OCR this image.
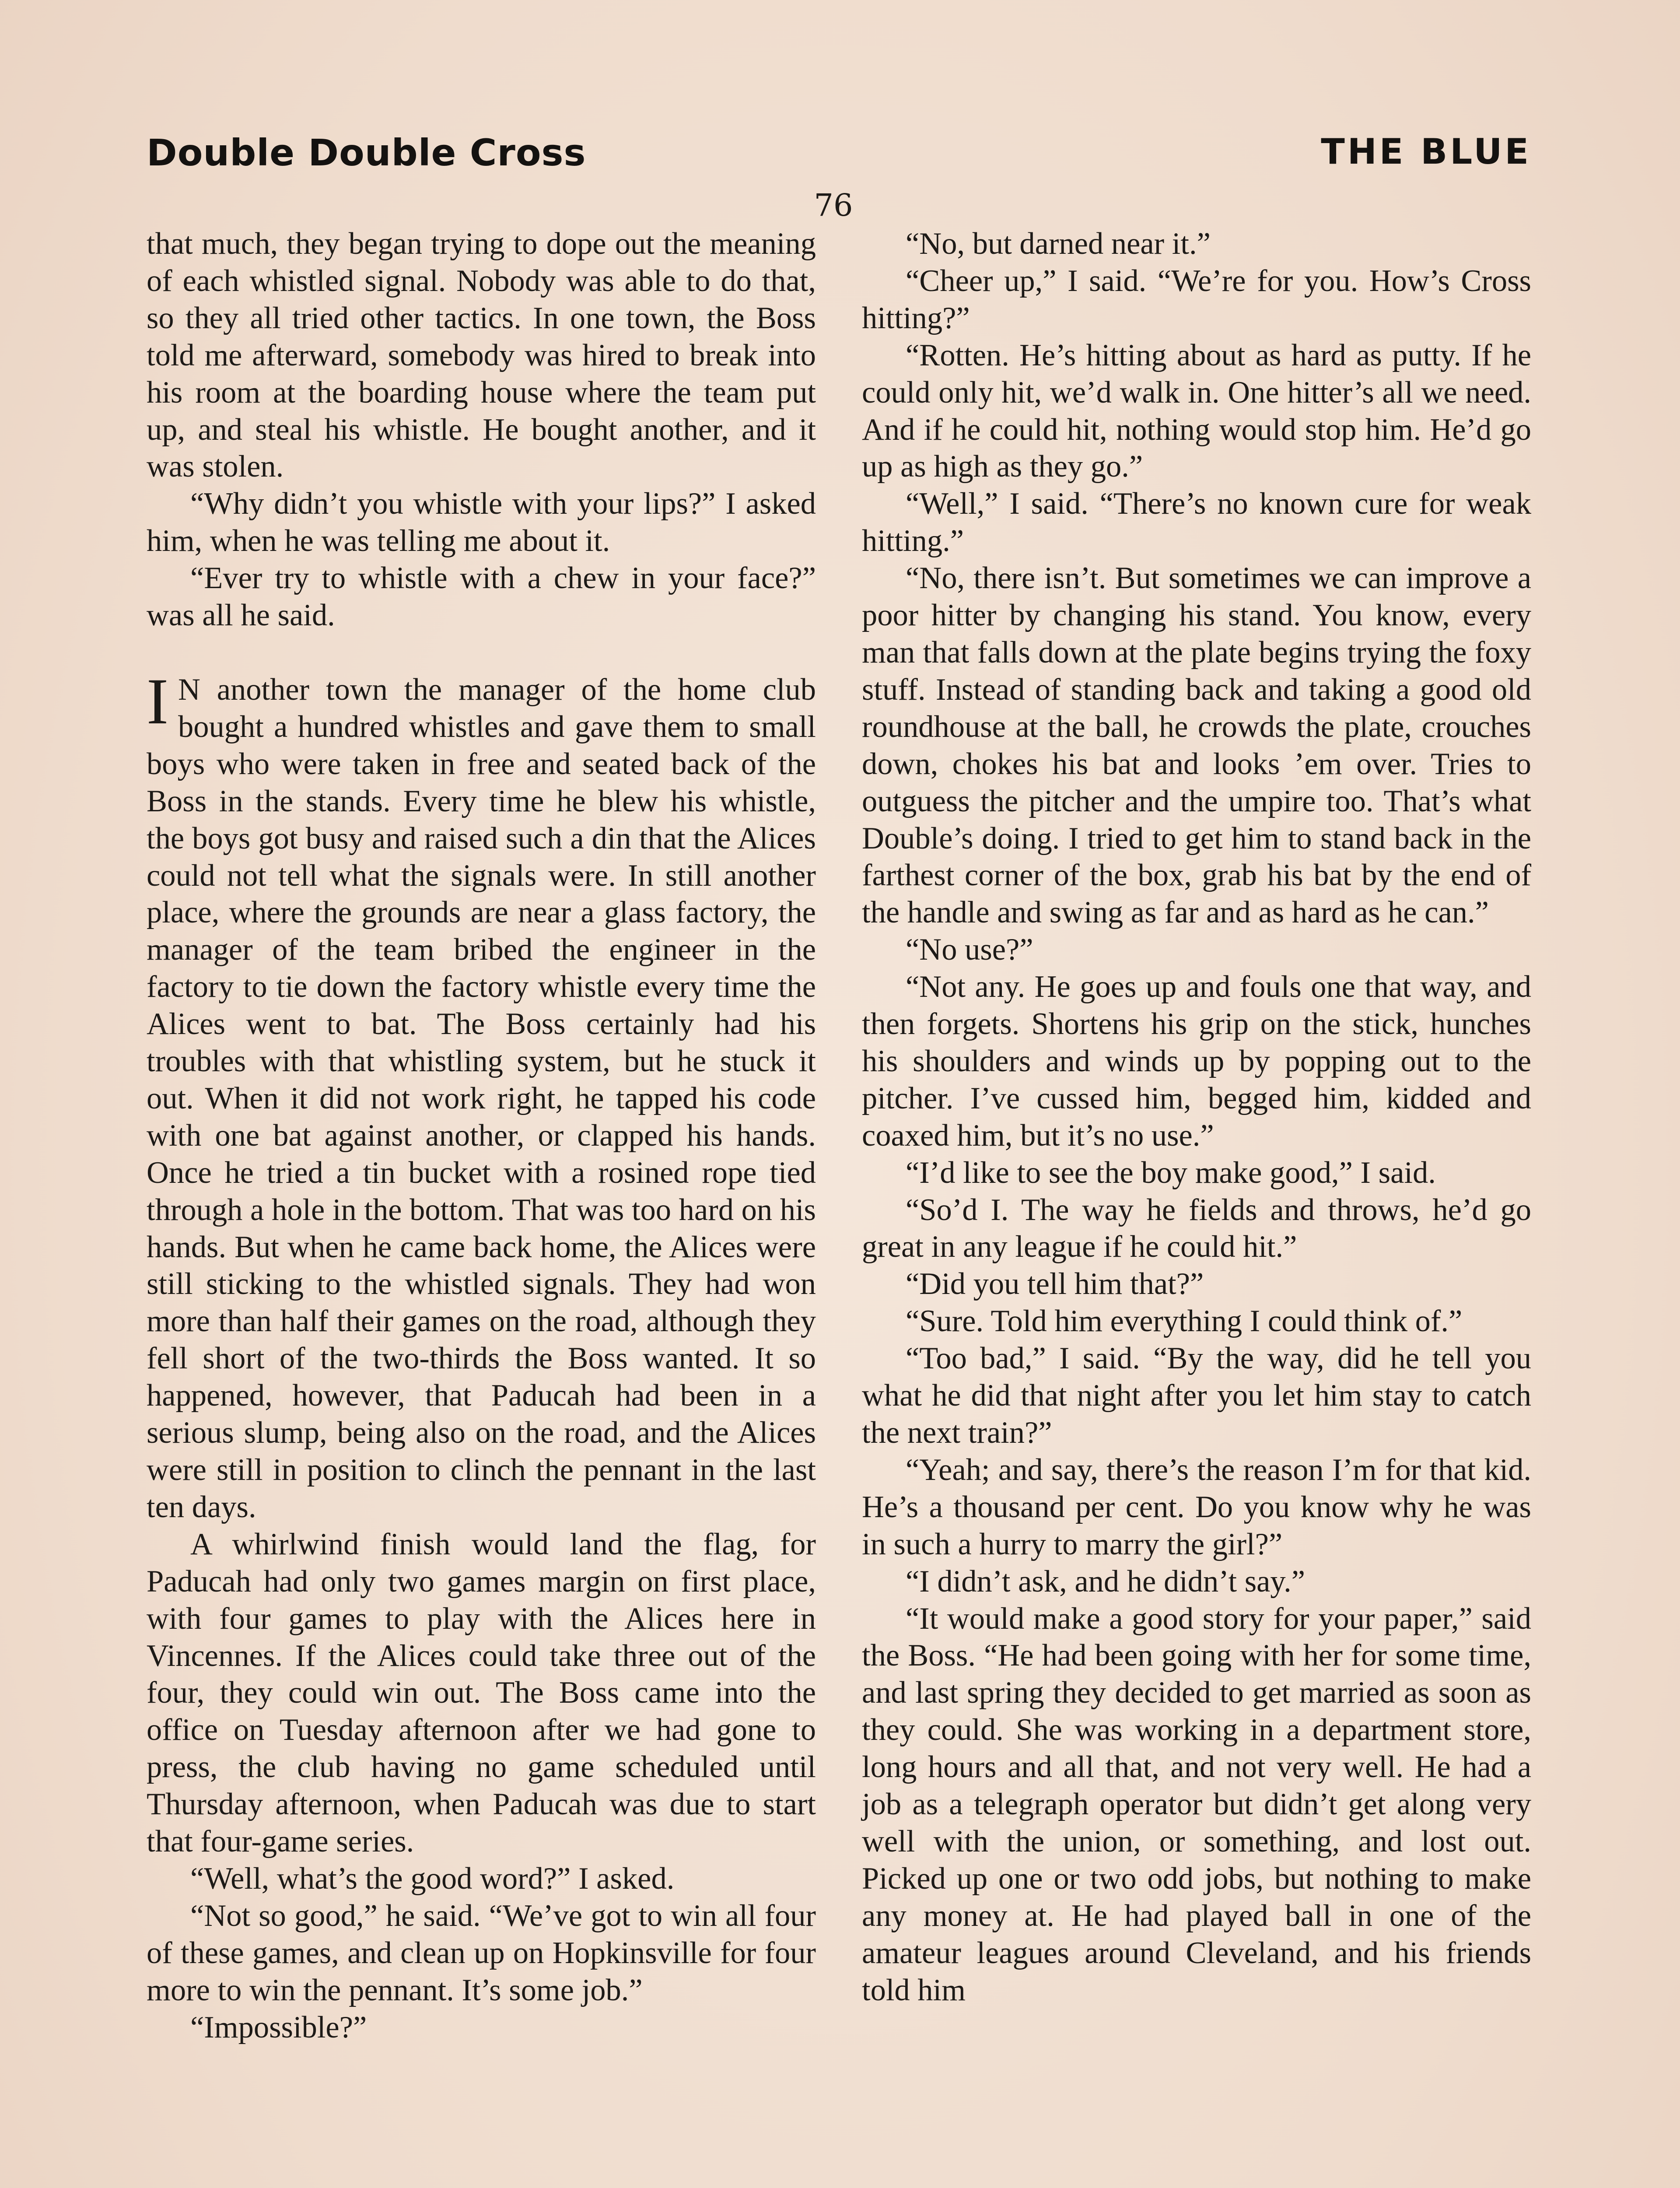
Double Double Cross	THE BLUE
76

that much, they began trying to dope out the meaning of each whistled signal. Nobody was able to do that, so they all tried other tactics. In one town, the Boss told me afterward, somebody was hired to break into his room at the boarding house where the team put up, and steal his whistle. He bought another, and it was stolen.

“Why didn’t you whistle with your lips?” I asked him, when he was telling me about it.

“Ever try to whistle with a chew in your face?” was all he said.

I N another town the manager of the home club bought a hundred whistles and gave them to small boys who were taken in free and seated back of the Boss in the stands. Every time he blew his whistle, the boys got busy and raised such a din that the Alices could not tell what the signals were. In still another place, where the grounds are near a glass factory, the manager of the team bribed the engineer in the factory to tie down the factory whistle every time the Alices went to bat. The Boss certainly had his troubles with that whistling system, but he stuck it out. When it did not work right, he tapped his code with one bat against another, or clapped his hands. Once he tried a tin bucket with a rosined rope tied through a hole in the bottom. That was too hard on his hands. But when he came back home, the Alices were still sticking to the whistled signals. They had won more than half their games on the road, although they fell short of the two-thirds the Boss wanted. It so happened, however, that Paducah had been in a serious slump, being also on the road, and the Alices were still in position to clinch the pennant in the last ten days.

A whirlwind finish would land the flag, for Paducah had only two games margin on first place, with four games to play with the Alices here in Vincennes. If the Alices could take three out of the four, they could win out. The Boss came into the office on Tuesday afternoon after we had gone to press, the club having no game scheduled until Thursday afternoon, when Paducah was due to start that four-game series.

“Well, what’s the good word?” I asked.

“Not so good,” he said. “We’ve got to win all four of these games, and clean up on Hopkinsville for four more to win the pennant. It’s some job.”

“Impossible?”

“No, but darned near it.”

“Cheer up,” I said. “We’re for you. How’s Cross hitting?”

“Rotten. He’s hitting about as hard as putty. If he could only hit, we’d walk in. One hitter’s all we need. And if he could hit, nothing would stop him. He’d go up as high as they go.”

“Well,” I said. “There’s no known cure for weak hitting.”

“No, there isn’t. But sometimes we can improve a poor hitter by changing his stand. You know, every man that falls down at the plate begins trying the foxy stuff. Instead of standing back and taking a good old roundhouse at the ball, he crowds the plate, crouches down, chokes his bat and looks ’em over. Tries to outguess the pitcher and the umpire too. That’s what Double’s doing. I tried to get him to stand back in the farthest corner of the box, grab his bat by the end of the handle and swing as far and as hard as he can.”

“No use?”

“Not any. He goes up and fouls one that way, and then forgets. Shortens his grip on the stick, hunches his shoulders and winds up by popping out to the pitcher. I’ve cussed him, begged him, kidded and coaxed him, but it’s no use.”

“I’d like to see the boy make good,” I said.

“So’d I. The way he fields and throws, he’d go great in any league if he could hit.”

“Did you tell him that?”

“Sure. Told him everything I could think of.”

“Too bad,” I said. “By the way, did he tell you what he did that night after you let him stay to catch the next train?”

“Yeah; and say, there’s the reason I’m for that kid. He’s a thousand per cent. Do you know why he was in such a hurry to marry the girl?”

“I didn’t ask, and he didn’t say.”

“It would make a good story for your paper,” said the Boss. “He had been going with her for some time, and last spring they decided to get married as soon as they could. She was working in a department store, long hours and all that, and not very well. He had a job as a telegraph operator but didn’t get along very well with the union, or something, and lost out. Picked up one or two odd jobs, but nothing to make any money at. He had played ball in one of the amateur leagues around Cleveland, and his friends told him
